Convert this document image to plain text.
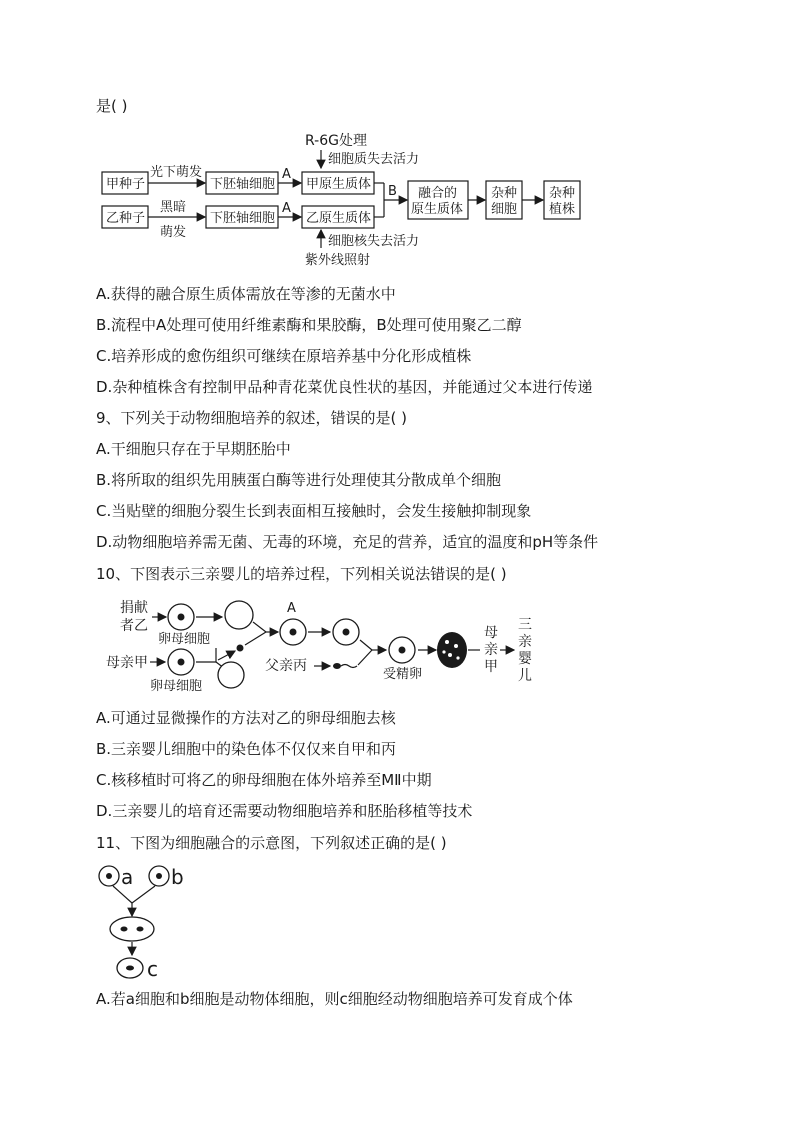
是( )
R-6G处理
细胞质失去活力
甲种子
光下萌发
下胚轴细胞
A
甲原生质体
乙种子
黑暗
萌发
下胚轴细胞
A
乙原生质体
B 融合的
原生质体
杂种
细胞
杂种
植株
细胞核失去活力
紫外线照射
A.获得的融合原生质体需放在等渗的无菌水中
B.流程中A处理可使用纤维素酶和果胶酶，B处理可使用聚乙二醇
C.培养形成的愈伤组织可继续在原培养基中分化形成植株
D.杂种植株含有控制甲品种青花菜优良性状的基因，并能通过父本进行传递
9、下列关于动物细胞培养的叙述，错误的是( )
A.干细胞只存在于早期胚胎中
B.将所取的组织先用胰蛋白酶等进行处理使其分散成单个细胞
C.当贴壁的细胞分裂生长到表面相互接触时，会发生接触抑制现象
D.动物细胞培养需无菌、无毒的环境，充足的营养，适宜的温度和pH等条件
10、下图表示三亲婴儿的培养过程，下列相关说法错误的是( )
捐献
者乙
卵母细胞
母亲甲
卵母细胞
A
父亲丙
受精卵
母
亲
甲
三
亲
婴
儿
A.可通过显微操作的方法对乙的卵母细胞去核
B.三亲婴儿细胞中的染色体不仅仅来自甲和丙
C.核移植时可将乙的卵母细胞在体外培养至MⅡ中期
D.三亲婴儿的培育还需要动物细胞培养和胚胎移植等技术
11、下图为细胞融合的示意图，下列叙述正确的是( )
a b
c
A.若a细胞和b细胞是动物体细胞，则c细胞经动物细胞培养可发育成个体
